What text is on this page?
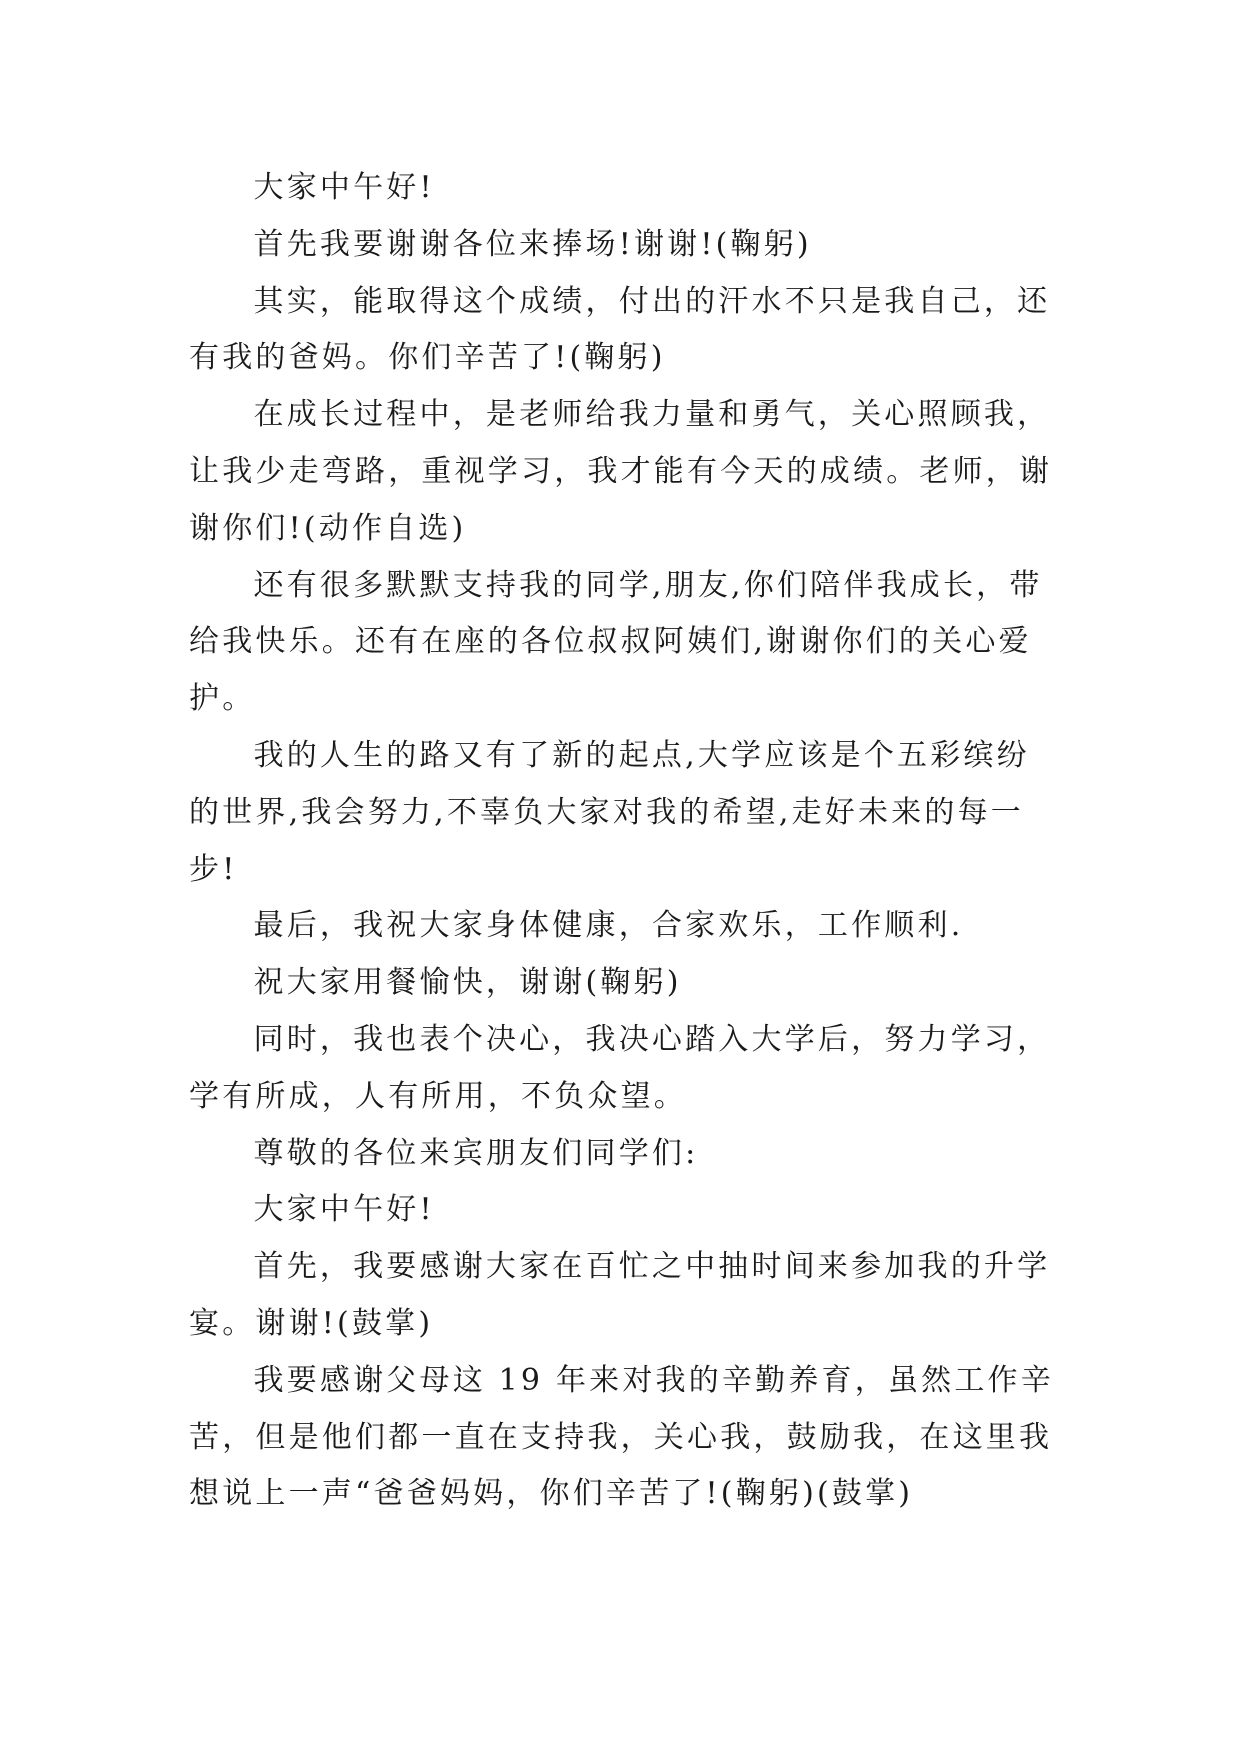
大家中午好!

首先我要谢谢各位来捧场!谢谢!(鞠躬)

其实，能取得这个成绩，付出的汗水不只是我自己，还有我的爸妈。你们辛苦了!(鞠躬)

在成长过程中，是老师给我力量和勇气，关心照顾我，让我少走弯路，重视学习，我才能有今天的成绩。老师，谢谢你们!(动作自选)

还有很多默默支持我的同学,朋友,你们陪伴我成长，带给我快乐。还有在座的各位叔叔阿姨们,谢谢你们的关心爱护。

我的人生的路又有了新的起点,大学应该是个五彩缤纷的世界,我会努力,不辜负大家对我的希望,走好未来的每一步!

最后，我祝大家身体健康，合家欢乐，工作顺利.

祝大家用餐愉快，谢谢(鞠躬)

同时，我也表个决心，我决心踏入大学后，努力学习，学有所成，人有所用，不负众望。

尊敬的各位来宾朋友们同学们:

大家中午好!

首先，我要感谢大家在百忙之中抽时间来参加我的升学宴。谢谢!(鼓掌)

我要感谢父母这 19 年来对我的辛勤养育，虽然工作辛苦，但是他们都一直在支持我，关心我，鼓励我，在这里我想说上一声“爸爸妈妈，你们辛苦了!(鞠躬)(鼓掌)
